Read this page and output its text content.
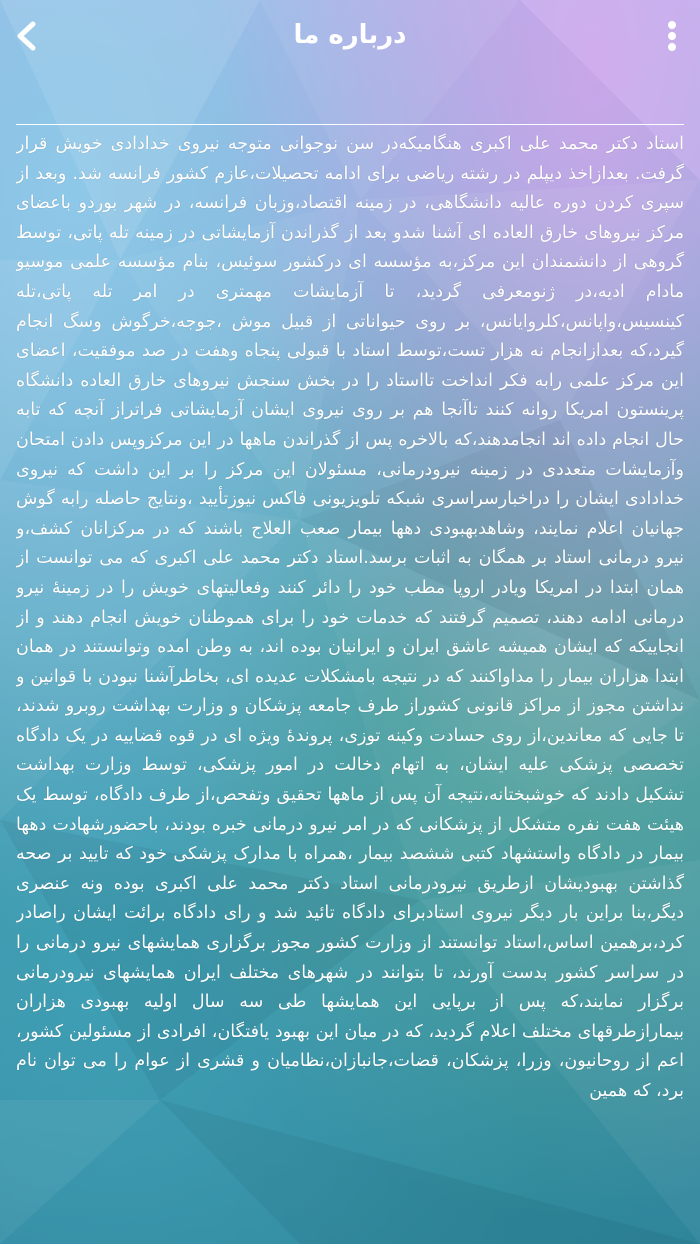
درباره ما
استاد دکتر محمد علی اکبری هنگامیکه‌در سن نوجوانی متوجه نیروی خدادادی خویش قرار گرفت. بعدازاخذ دیپلم در رشته ریاضی برای ادامه تحصیلات،عازم کشور فرانسه شد. وبعد از سپری کردن دوره عالیه دانشگاهی، در زمینه اقتصاد،وزبان فرانسه، در شهر بوردو باعضای مرکز نیروهای خارق العاده ای آشنا شدو بعد از گذراندن آزمایشاتی در زمینه تله پاتی، توسط گروهی از دانشمندان این مرکز،به مؤسسه ای درکشور سوئیس، بنام مؤسسه علمی موسیو مادام ادیه،در ژنومعرفی گردید، تا آزمایشات مهمتری در امر تله پاتی،تله کینسیس،واپانس،کلروایانس، بر روی حیواناتی از قبیل موش ،جوجه،خرگوش وسگ انجام گیرد،که بعدازانجام نه هزار تست،توسط استاد با قبولی پنجاه وهفت در صد موفقیت، اعضای این مرکز علمی رابه فکر انداخت تااستاد را در بخش سنجش نیروهای خارق العاده دانشگاه پرینستون امریکا روانه کنند تاآنجا هم بر روی نیروی ایشان آزمایشاتی فراتراز آنچه که تابه حال انجام داده اند انجامدهند،که بالاخره پس از گذراندن ماهها در این مرکزوپس دادن امتحان وآزمایشات متعددی در زمینه نیرودرمانی، مسئولان این مرکز را بر این داشت که نیروی خدادادی ایشان را دراخبارسراسری شبکه تلویزیونی فاکس نیوزتأیید ،ونتایج حاصله رابه گوش جهانیان اعلام نمایند، وشاهدبهبودی دهها بیمار صعب العلاج باشند که در مرکزانان کشف،و نیرو درمانی استاد بر همگان به اثبات برسد.استاد دکتر محمد علی اکبری که می توانست از همان ابتدا در امریکا ویادر اروپا مطب خود را دائر کنند وفعالیتهای خویش را در زمینهٔ نیرو درمانی ادامه دهند، تصمیم گرفتند که خدمات خود را برای هموطنان خویش انجام دهند و از انجاییکه که ایشان همیشه عاشق ایران و ایرانیان بوده اند، به وطن امده وتوانستند در همان ابتدا هزاران بیمار را مداواکنند که در نتیجه بامشکلات عدیده ای، بخاطرآشنا نبودن با قوانین و نداشتن مجوز از مراکز قانونی کشوراز طرف جامعه پزشکان و وزارت بهداشت روبرو شدند، تا جایی که معاندین،از روی حسادت وکینه توزی، پروندهٔ ویژه ای در قوه قضاییه در یک دادگاه تخصصی پزشکی علیه ایشان، به اتهام دخالت در امور پزشکی، توسط وزارت بهداشت تشکیل دادند که خوشبختانه،نتیجه آن پس از ماهها تحقیق وتفحص،از طرف دادگاه، توسط یک هیئت هفت نفره متشکل از پزشکانی که در امر نیرو درمانی خبره بودند، باحضورشهادت دهها بیمار در دادگاه واستشهاد کتبی ششصد بیمار ،همراه با مدارک پزشکی خود که تایید بر صحه گذاشتن بهبودیشان ازطریق نیرودرمانی استاد دکتر محمد علی اکبری بوده ونه عنصری دیگر،بنا براین بار دیگر نیروی استادبرای دادگاه تائید شد و رای دادگاه برائت ایشان راصادر کرد،برهمین اساس،استاد توانستند از وزارت کشور مجوز برگزاری همایشهای نیرو درمانی را در سراسر کشور بدست آورند، تا بتوانند در شهرهای مختلف ایران همایشهای نیرودرمانی برگزار نمایند،که پس از برپایی این همایشها طی سه سال اولیه بهبودی هزاران بیمارازطرقهای مختلف اعلام گردید، که در میان این بهبود یافتگان، افرادی از مسئولین کشور، اعم از روحانیون، وزرا، پزشکان، قضات،جانبازان،نظامیان و قشری از عوام را می توان نام برد، که همین
